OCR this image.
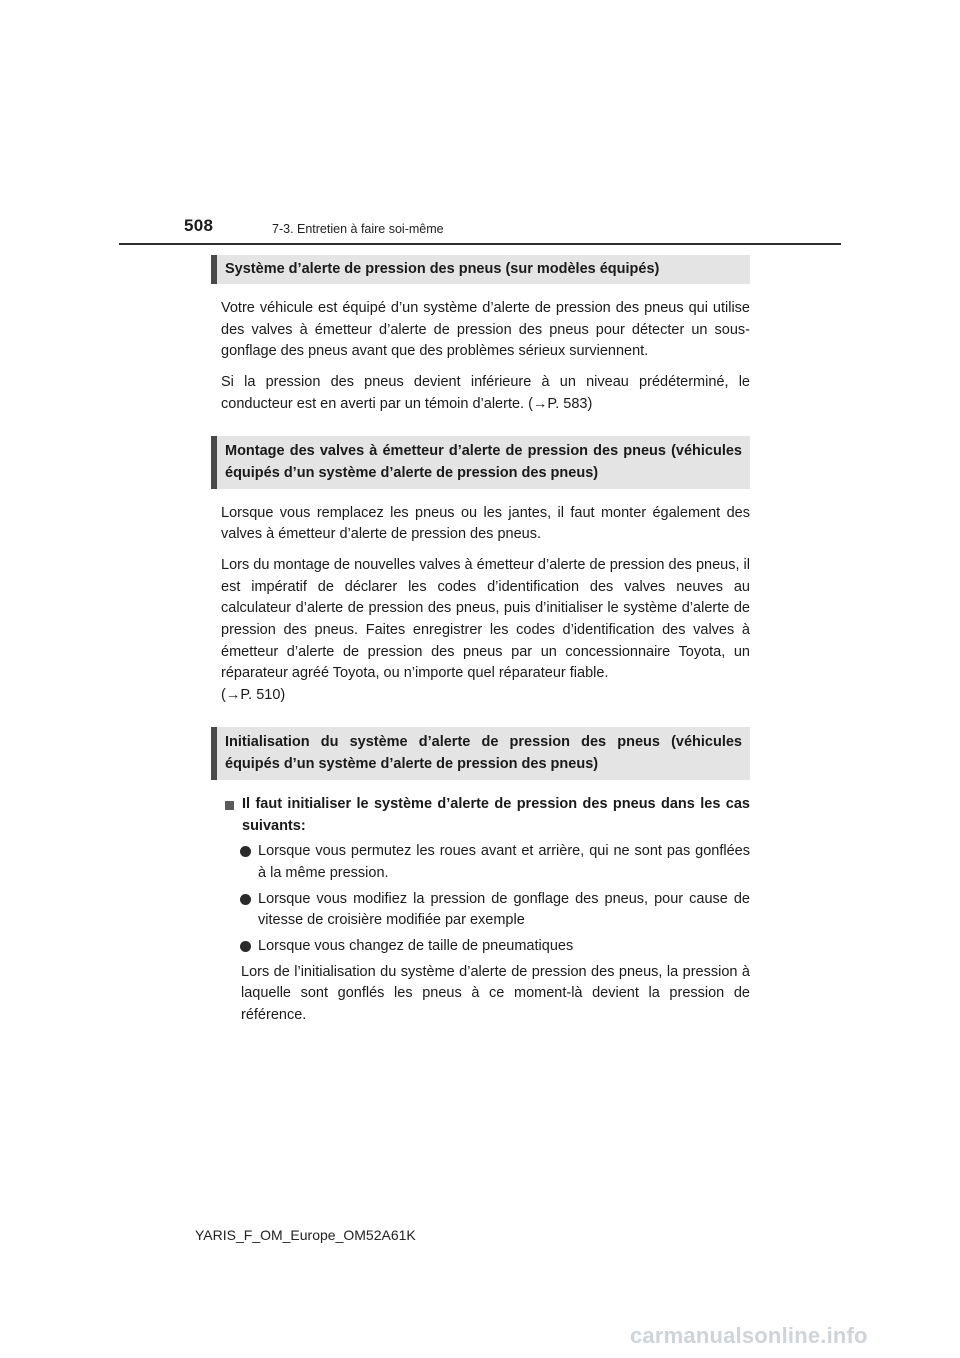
508	7-3. Entretien à faire soi-même
Système d’alerte de pression des pneus (sur modèles équipés)

Votre véhicule est équipé d’un système d’alerte de pression des pneus qui utilise des valves à émetteur d’alerte de pression des pneus pour détecter un sous-gonflage des pneus avant que des problèmes sérieux surviennent.

Si la pression des pneus devient inférieure à un niveau prédéterminé, le conducteur est en averti par un témoin d’alerte. (→P. 583)

Montage des valves à émetteur d’alerte de pression des pneus (véhicules équipés d’un système d’alerte de pression des pneus)

Lorsque vous remplacez les pneus ou les jantes, il faut monter également des valves à émetteur d’alerte de pression des pneus.

Lors du montage de nouvelles valves à émetteur d’alerte de pression des pneus, il est impératif de déclarer les codes d’identification des valves neuves au calculateur d’alerte de pression des pneus, puis d’initialiser le système d’alerte de pression des pneus. Faites enregistrer les codes d’identification des valves à émetteur d’alerte de pression des pneus par un concessionnaire Toyota, un réparateur agréé Toyota, ou n’importe quel réparateur fiable.

(→P. 510)

Initialisation du système d’alerte de pression des pneus (véhicules équipés d’un système d’alerte de pression des pneus)
Il faut initialiser le système d’alerte de pression des pneus dans les cas suivants:
Lorsque vous permutez les roues avant et arrière, qui ne sont pas gonflées à la même pression.
Lorsque vous modifiez la pression de gonflage des pneus, pour cause de vitesse de croisière modifiée par exemple
Lorsque vous changez de taille de pneumatiques

Lors de l’initialisation du système d’alerte de pression des pneus, la pression à laquelle sont gonflés les pneus à ce moment-là devient la pression de référence.

YARIS_F_OM_Europe_OM52A61K
carmanualsonline.info
